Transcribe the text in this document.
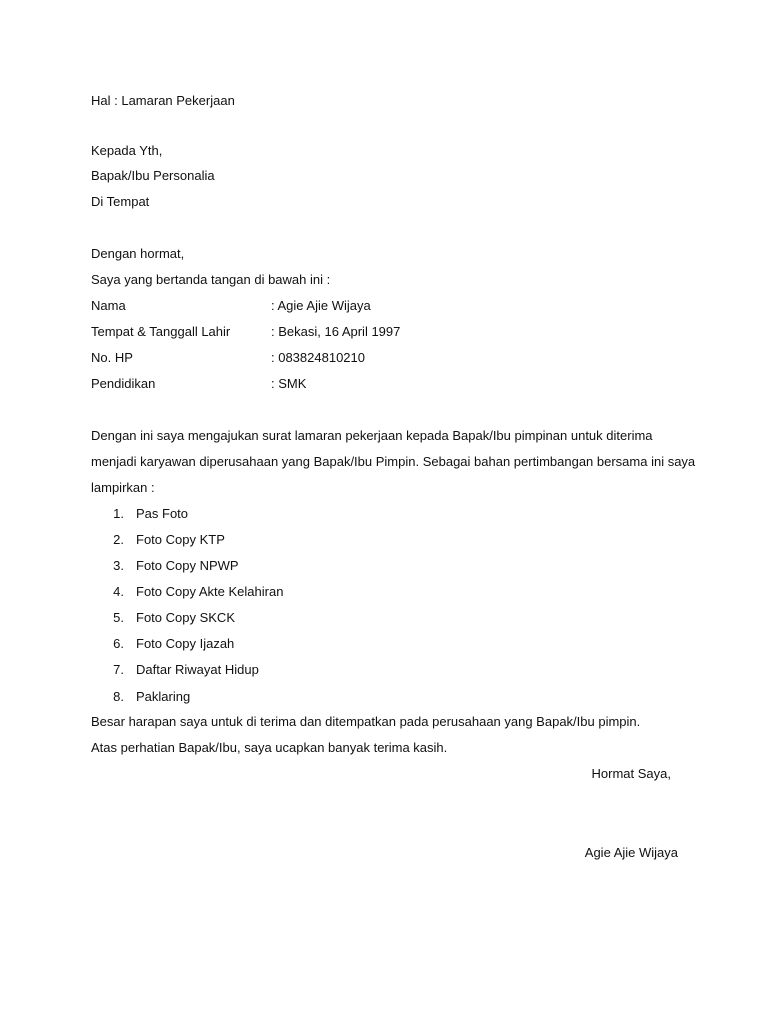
Hal : Lamaran Pekerjaan
Kepada Yth,
Bapak/Ibu Personalia
Di Tempat
Dengan hormat,
Saya yang bertanda tangan di bawah ini :
Nama	: Agie Ajie Wijaya
Tempat & Tanggall Lahir	: Bekasi, 16 April 1997
No. HP	: 083824810210
Pendidikan	: SMK
Dengan ini saya mengajukan surat lamaran pekerjaan kepada Bapak/Ibu pimpinan untuk diterima
menjadi karyawan diperusahaan yang Bapak/Ibu Pimpin. Sebagai bahan pertimbangan bersama ini saya
lampirkan :
1. Pas Foto
2. Foto Copy KTP
3. Foto Copy NPWP
4. Foto Copy Akte Kelahiran
5. Foto Copy SKCK
6. Foto Copy Ijazah
7. Daftar Riwayat Hidup
8. Paklaring
Besar harapan saya untuk di terima dan ditempatkan pada perusahaan yang Bapak/Ibu pimpin.
Atas perhatian Bapak/Ibu, saya ucapkan banyak terima kasih.
Hormat Saya,
Agie Ajie Wijaya
